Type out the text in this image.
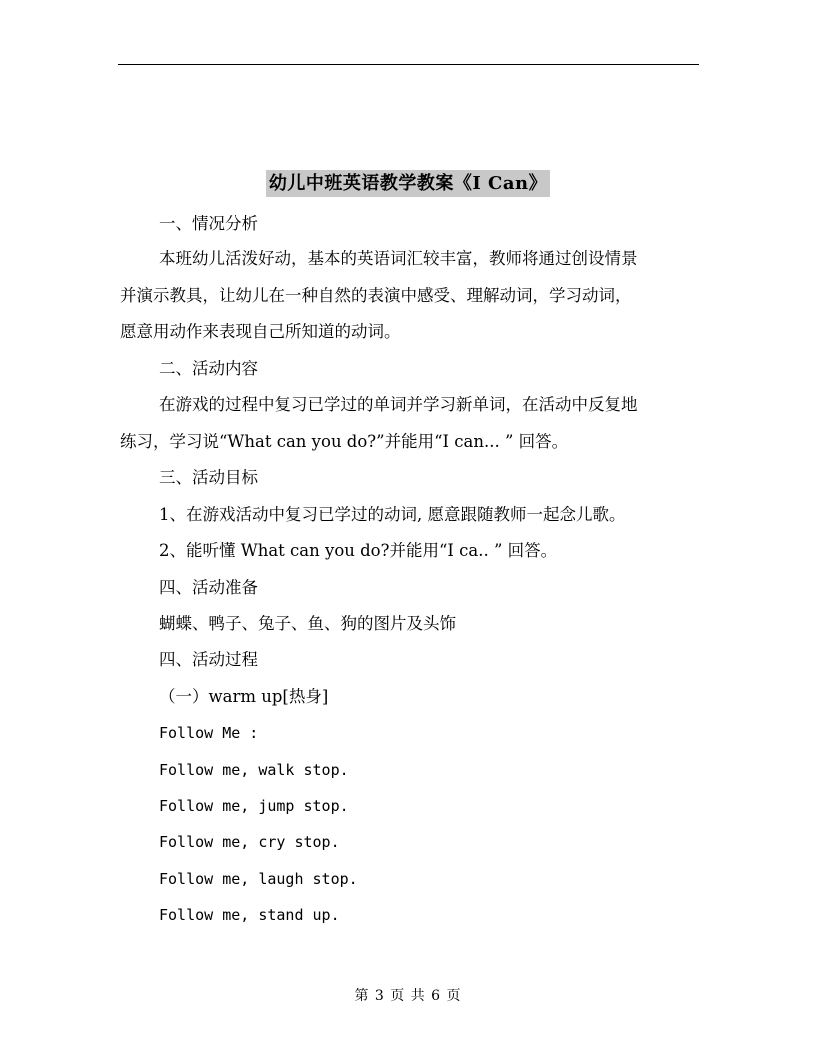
幼儿中班英语教学教案《I Can》
一、情况分析
本班幼儿活泼好动，基本的英语词汇较丰富，教师将通过创设情景
并演示教具，让幼儿在一种自然的表演中感受、理解动词，学习动词，
愿意用动作来表现自己所知道的动词。
二、活动内容
在游戏的过程中复习已学过的单词并学习新单词，在活动中反复地
练习，学习说“What can you do?”并能用“I can... ” 回答。
三、活动目标
1、在游戏活动中复习已学过的动词, 愿意跟随教师一起念儿歌。
2、能听懂 What can you do?并能用“I ca.. ” 回答。
四、活动准备
蝴蝶、鸭子、兔子、鱼、狗的图片及头饰
四、活动过程
（一）warm up[热身]
Follow Me :
Follow me, walk stop.
Follow me, jump stop.
Follow me, cry stop.
Follow me, laugh stop.
Follow me, stand up.
第 3 页 共 6 页
